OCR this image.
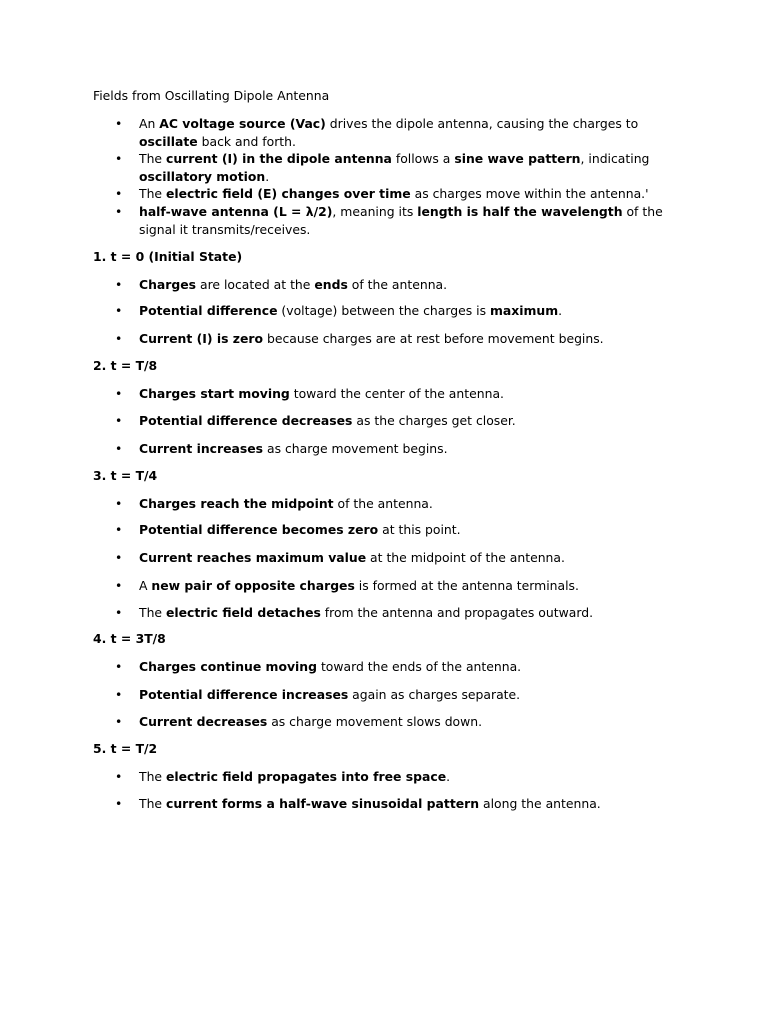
Fields from Oscillating Dipole Antenna
• An AC voltage source (Vac) drives the dipole antenna, causing the charges to oscillate back and forth.
• The current (I) in the dipole antenna follows a sine wave pattern, indicating oscillatory motion.
• The electric field (E) changes over time as charges move within the antenna.'
• half-wave antenna (L = λ/2), meaning its length is half the wavelength of the signal it transmits/receives.
1. t = 0 (Initial State)
• Charges are located at the ends of the antenna.
• Potential difference (voltage) between the charges is maximum.
• Current (I) is zero because charges are at rest before movement begins.
2. t = T/8
• Charges start moving toward the center of the antenna.
• Potential difference decreases as the charges get closer.
• Current increases as charge movement begins.
3. t = T/4
• Charges reach the midpoint of the antenna.
• Potential difference becomes zero at this point.
• Current reaches maximum value at the midpoint of the antenna.
• A new pair of opposite charges is formed at the antenna terminals.
• The electric field detaches from the antenna and propagates outward.
4. t = 3T/8
• Charges continue moving toward the ends of the antenna.
• Potential difference increases again as charges separate.
• Current decreases as charge movement slows down.
5. t = T/2
• The electric field propagates into free space.
• The current forms a half-wave sinusoidal pattern along the antenna.
